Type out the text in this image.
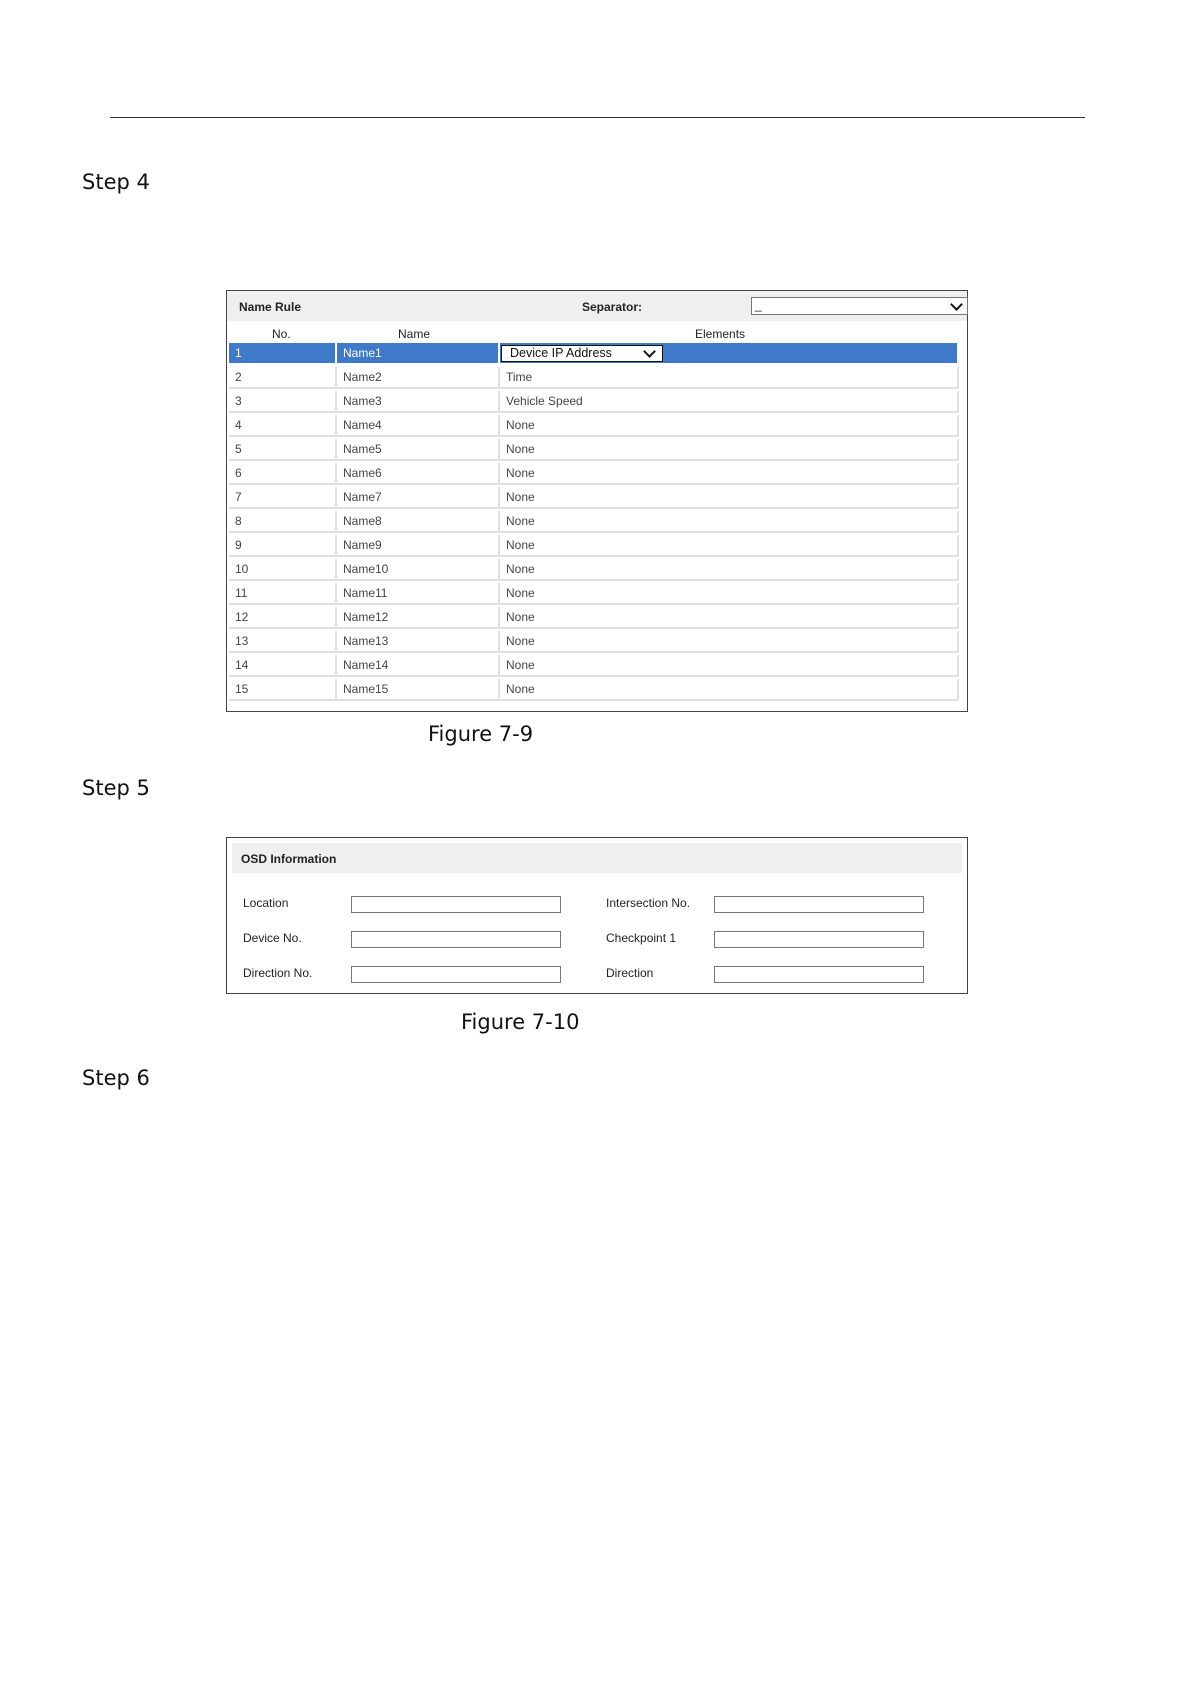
Step 4
Name Rule	Separator:	_
No.	Name	Elements
1	Name1	Device IP Address
2	Name2	Time
3	Name3	Vehicle Speed
4	Name4	None
5	Name5	None
6	Name6	None
7	Name7	None
8	Name8	None
9	Name9	None
10	Name10	None
11	Name11	None
12	Name12	None
13	Name13	None
14	Name14	None
15	Name15	None
Figure 7-9
Step 5
OSD Information
Location	Intersection No.
Device No.	Checkpoint 1
Direction No.	Direction
Figure 7-10
Step 6
